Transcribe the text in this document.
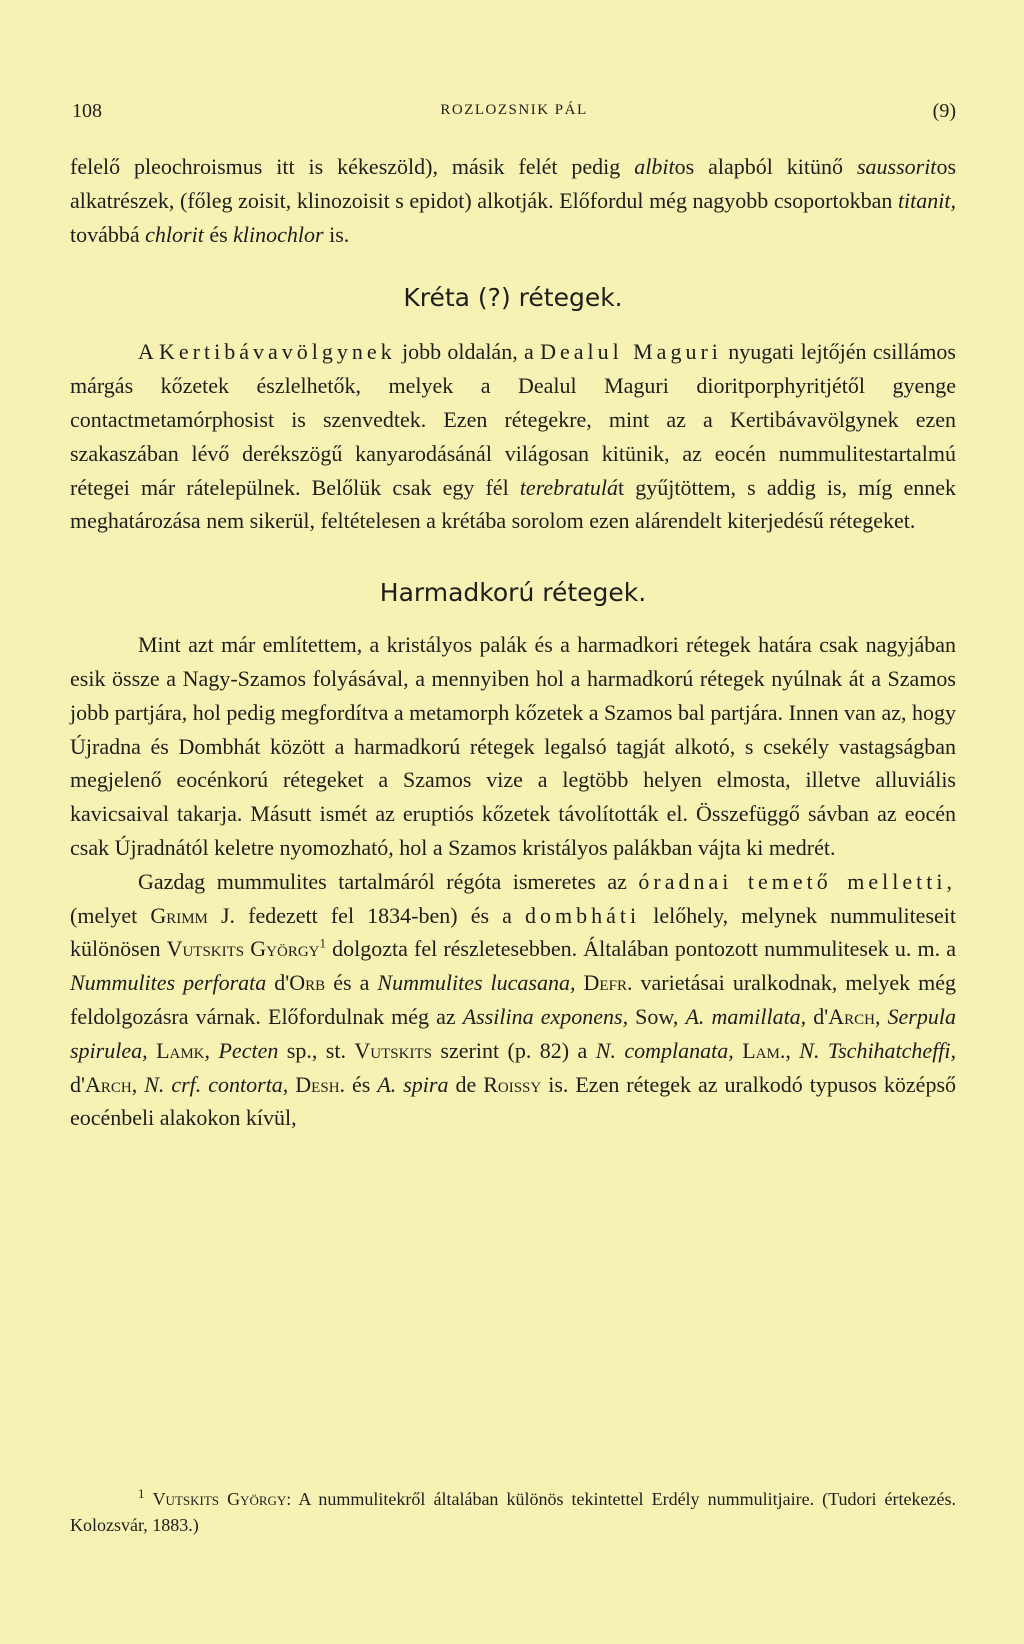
108	ROZLOZSNIK PÁL	(9)

felelő pleochroismus itt is kékeszöld), másik felét pedig albitos alapból kitünő saussoritos alkatrészek, (főleg zoisit, klinozoisit s epidot) alkotják. Előfordul még nagyobb csoportokban titanit, továbbá chlorit és klinochlor is.

Kréta (?) rétegek.

A Kertibávavölgynek jobb oldalán, a Dealul Maguri nyugati lejtőjén csillámos márgás kőzetek észlelhetők, melyek a Dealul Maguri dioritporphyritjétől gyenge contactmetamórphosist is szenvedtek. Ezen rétegekre, mint az a Kertibávavölgynek ezen szakaszában lévő derékszögű kanyarodásánál világosan kitünik, az eocén nummulitestartalmú rétegei már rátelepülnek. Belőlük csak egy fél terebratulát gyűjtöttem, s addig is, míg ennek meghatározása nem sikerül, feltételesen a krétába sorolom ezen alárendelt kiterjedésű rétegeket.

Harmadkorú rétegek.

Mint azt már említettem, a kristályos palák és a harmadkori rétegek határa csak nagyjában esik össze a Nagy-Szamos folyásával, a mennyiben hol a harmadkorú rétegek nyúlnak át a Szamos jobb partjára, hol pedig megfordítva a metamorph kőzetek a Szamos bal partjára. Innen van az, hogy Újradna és Dombhát között a harmadkorú rétegek legalsó tagját alkotó, s csekély vastagságban megjelenő eocénkorú rétegeket a Szamos vize a legtöbb helyen elmosta, illetve alluviális kavicsaival takarja. Másutt ismét az eruptiós kőzetek távolították el. Összefüggő sávban az eocén csak Újradnától keletre nyomozható, hol a Szamos kristályos palákban vájta ki medrét.

Gazdag mummulites tartalmáról régóta ismeretes az óradnai temető melletti, (melyet Grimm J. fedezett fel 1834-ben) és a dombháti lelőhely, melynek nummuliteseit különösen Vutskits György$^1$ dolgozta fel részletesebben. Általában pontozott nummulitesek u. m. a Nummulites perforata d'Orb és a Nummulites lucasana, Defr. varietásai uralkodnak, melyek még feldolgozásra várnak. Előfordulnak még az Assilina exponens, Sow, A. mamillata, d'Arch, Serpula spirulea, Lamk, Pecten sp., st. Vutskits szerint (p. 82) a N. complanata, Lam., N. Tschihatcheffi, d'Arch, N. crf. contorta, Desh. és A. spira de Roissy is. Ezen rétegek az uralkodó typusos középső eocénbeli alakokon kívül,

$^1$ Vutskits György: A nummulitekről általában különös tekintettel Erdély nummulitjaire. (Tudori értekezés. Kolozsvár, 1883.)
